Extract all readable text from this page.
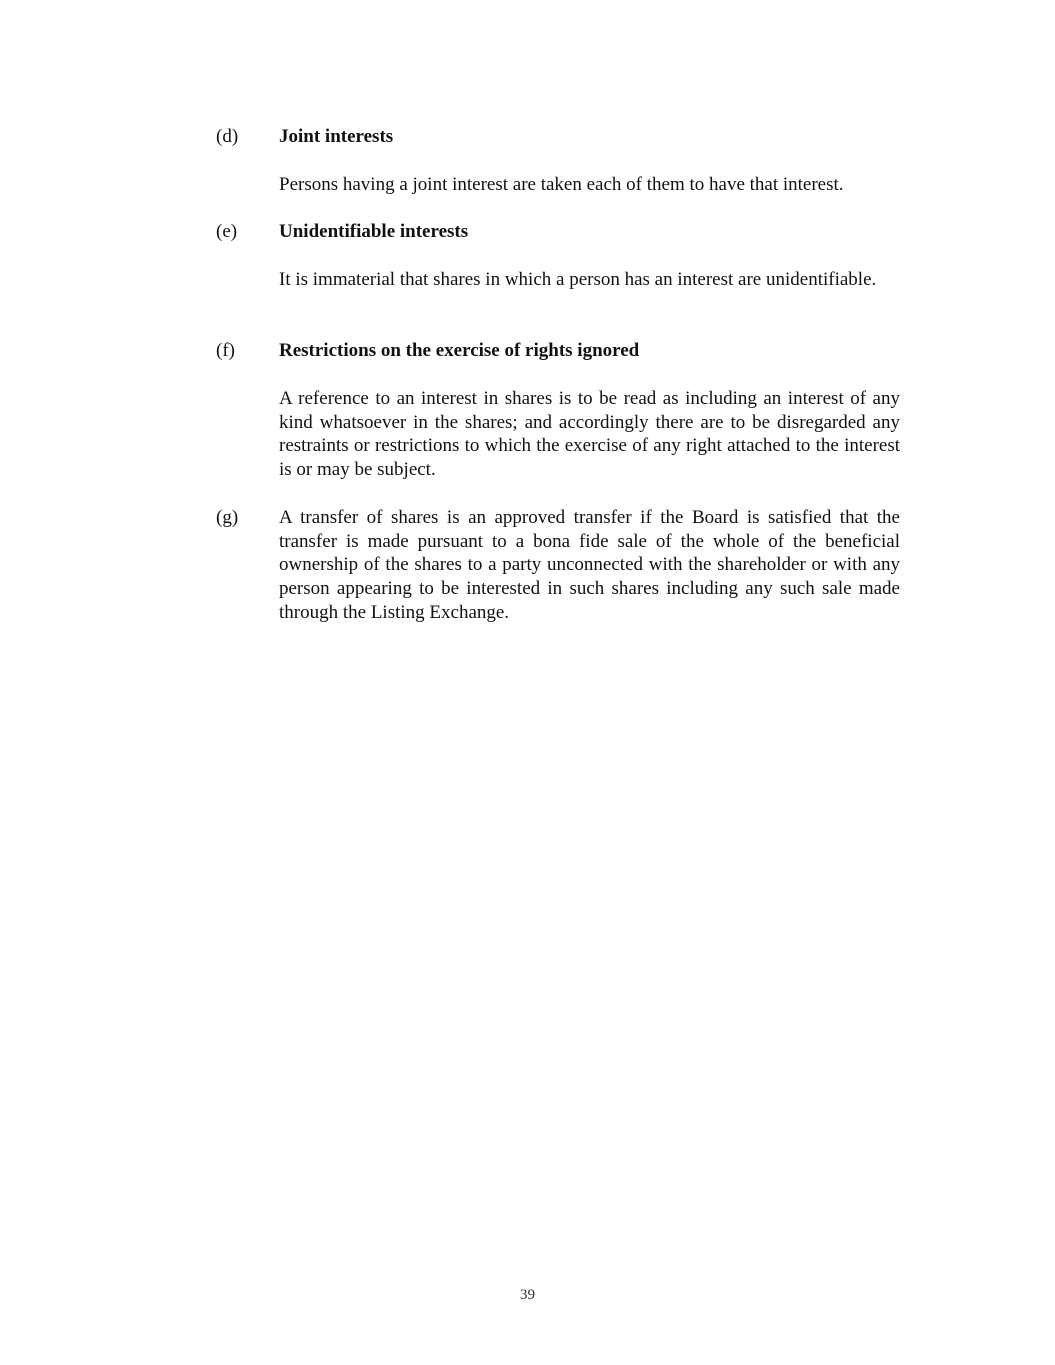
(d)	Joint interests
Persons having a joint interest are taken each of them to have that interest.
(e)	Unidentifiable interests
It is immaterial that shares in which a person has an interest are unidentifiable.
(f)	Restrictions on the exercise of rights ignored
A reference to an interest in shares is to be read as including an interest of any kind whatsoever in the shares; and accordingly there are to be disregarded any restraints or restrictions to which the exercise of any right attached to the interest is or may be subject.
(g)	A transfer of shares is an approved transfer if the Board is satisfied that the transfer is made pursuant to a bona fide sale of the whole of the beneficial ownership of the shares to a party unconnected with the shareholder or with any person appearing to be interested in such shares including any such sale made through the Listing Exchange.
39
